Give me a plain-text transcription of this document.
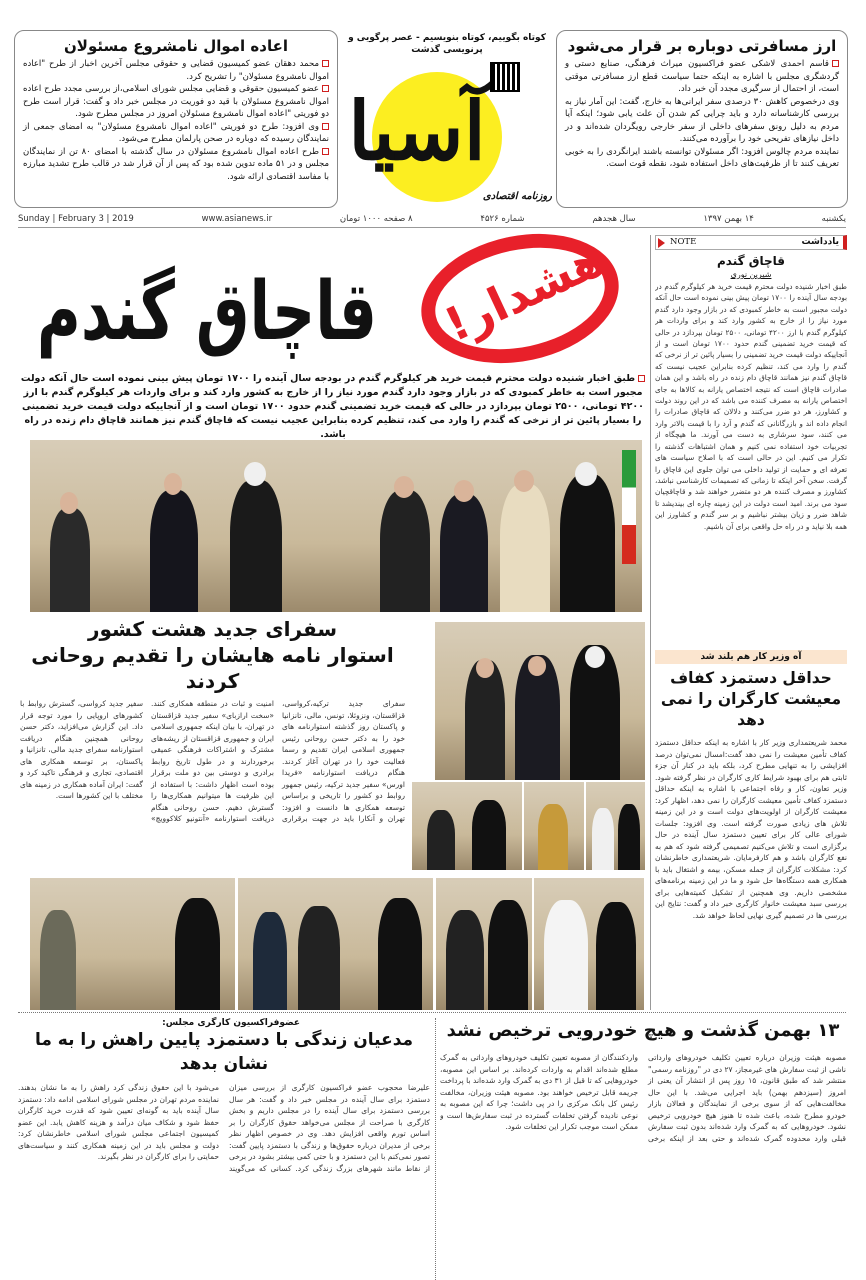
اعاده اموال نامشروع مسئولان

محمد دهقان عضو کمیسیون قضایی و حقوقی مجلس آخرین اخبار از طرح "اعاده اموال نامشروع مسئولان" را تشریح کرد.

عضو کمیسیون حقوقی و قضایی مجلس شورای اسلامی،از بررسی مجدد طرح اعاده اموال نامشروع مسئولان با قید دو فوریت در مجلس خبر داد و گفت: قرار است طرح دو فوریتی "اعاده اموال نامشروع مسئولان امروز در مجلس مطرح شود.

وی افزود: طرح دو فوریتی "اعاده اموال نامشروع مسئولان" به امضای جمعی از نمایندگان رسیده که دوباره در صحن پارلمان مطرح می‌شود.

طرح اعاده اموال نامشروع مسئولان در سال گذشته با امضای ۸۰ تن از نمایندگان مجلس و در ۵۱ ماده تدوین شده بود که پس از آن قرار شد در قالب طرح تشدید مبارزه با مفاسد اقتصادی ارائه شود.

کوتاه بگوییم، کوتاه بنویسیم - عصر پرگویی و پرنویسی گذشت
آسیا
روزنامه اقتصادی
ارز مسافرتی دوباره بر قرار می‌شود

قاسم احمدی لاشکی عضو فراکسیون میراث فرهنگی، صنایع دستی و گردشگری مجلس با اشاره به اینکه حتما سیاست قطع ارز مسافرتی موقتی است، از احتمال از سرگیری مجدد آن خبر داد.

وی درخصوص کاهش ۳۰ درصدی سفر ایرانی‌ها به خارج، گفت: این آمار نیاز به بررسی کارشناسانه دارد و باید چرایی کم شدن آن علت یابی شود؛ اینکه آیا مردم به دلیل رونق سفرهای داخلی از سفر خارجی رویگردان شده‌اند و در داخل نیازهای تفریحی خود را برآورده می‌کنند.

نماینده مردم چالوس افزود: اگر مسئولان توانسته باشند ایرانگردی را به خوبی تعریف کنند تا از ظرفیت‌های داخل استفاده شود، نقطه قوت است.

Sunday | February 3 | 2019	www.asianews.ir	۸ صفحه ۱۰۰۰ تومان	شماره ۴۵۲۶	سال هجدهم	۱۴ بهمن ۱۳۹۷	یکشنبه
هشدار!
قاچاق گندم

طبق اخبار شنیده دولت محترم قیمت خرید هر کیلوگرم گندم در بودجه سال آینده را ۱۷۰۰ تومان پیش بینی نموده است حال آنکه دولت مجبور است به خاطر کمبودی که در بازار وجود دارد گندم مورد نیاز را از خارج به کشور وارد کند و برای واردات هر کیلوگرم گندم با ارز ۴۲۰۰ تومانی، ۲۵۰۰ تومان بپردازد در حالی که قیمت خرید تضمینی گندم حدود ۱۷۰۰ تومان است و از آنجاییکه دولت قیمت خرید تضمینی را بسیار پائین تر از نرخی که گندم را وارد می کند، تنظیم کرده بنابراین عجیب نیست که قاچاق گندم نیز همانند قاچاق دام زنده در راه باشد.

یادداشت
NOTE
قاچاق گندم
شیرین نوری

طبق اخبار شنیده دولت محترم قیمت خرید هر کیلوگرم گندم در بودجه سال آینده را ۱۷۰۰ تومان پیش بینی نموده است حال آنکه دولت مجبور است به خاطر کمبودی که در بازار وجود دارد گندم مورد نیاز را از خارج به کشور وارد کند و برای واردات هر کیلوگرم گندم با ارز ۴۲۰۰ تومانی، ۲۵۰۰ تومان بپردازد در حالی که قیمت خرید تضمینی گندم حدود ۱۷۰۰ تومان است و از آنجاییکه دولت قیمت خرید تضمینی را بسیار پائین تر از نرخی که گندم را وارد می کند، تنظیم کرده بنابراین عجیب نیست که قاچاق گندم نیز همانند قاچاق دام زنده در راه باشد و این همان صادرات قاچاق است که نتیجه اختصاص یارانه به کالاها به جای اختصاص یارانه به مصرف کننده می باشد که در این روند دولت و کشاورز، هر دو ضرر می‌کنند و دلالان که قاچاق صادرات را انجام داده اند و بازرگانانی که گندم و آرد را با قیمت بالاتر وارد می کنند، سود سرشاری به دست می آورند. ما هیچگاه از تجربیات خود استفاده نمی کنیم و همان اشتباهات گذشته را تکرار می کنیم. این در حالی است که با اصلاح سیاست های تعرفه ای و حمایت از تولید داخلی می توان جلوی این قاچاق را گرفت. سخن آخر اینکه تا زمانی که تصمیمات کارشناسی نباشد، کشاورز و مصرف کننده هر دو متضرر خواهند شد و قاچاقچیان سود می برند. امید است دولت در این زمینه چاره ای بیندیشد تا شاهد ضرر و زیان بیشتر نباشیم و بر سر گندم و کشاورز این همه بلا نیاید و در راه حل واقعی برای آن باشیم.

سفرای جدید هشت کشور
استوار نامه هایشان را تقدیم روحانی کردند

سفرای جدید ترکیه،کرواسی، قزاقستان، ونزوئلا، تونس، مالی، تانزانیا و پاکستان روز گذشته استوارنامه های خود را به دکتر حسن روحانی رئیس جمهوری اسلامی ایران تقدیم و رسما فعالیت خود را در تهران آغاز کردند. هنگام دریافت استوارنامه «فریدا اورس» سفیر جدید ترکیه، رئیس جمهور روابط دو کشور را تاریخی و براساس توسعه همکاری ها دانست و افزود: تهران و آنکارا باید در جهت برقراری امنیت و ثبات در منطقه همکاری کنند. «سخت ارازبای» سفیر جدید قزاقستان در تهران، با بیان اینکه جمهوری اسلامی ایران و جمهوری قزاقستان از ریشه‌های مشترک و اشتراکات فرهنگی عمیقی برخوردارند و در طول تاریخ روابط برادری و دوستی بین دو ملت برقرار بوده است اظهار داشت: با استفاده از این ظرفیت ها میتوانیم همکاری‌ها را گسترش دهیم. حسن روحانی هنگام دریافت استوارنامه «آنتونیو کلاکوویچ» سفیر جدید کرواسی، گسترش روابط با کشورهای اروپایی را مورد توجه قرار داد. این گزارش می‌افزاید، دکتر حسن روحانی همچنین هنگام دریافت استوارنامه سفرای جدید مالی، تانزانیا و پاکستان، بر توسعه همکاری های اقتصادی، تجاری و فرهنگی تاکید کرد و گفت: ایران آماده همکاری در زمینه های مختلف با این کشورها است.

آه وزیر کار هم بلند شد
حداقل دستمزد کفاف معیشت کارگران را نمی دهد

محمد شریعتمداری وزیر کار با اشاره به اینکه حداقل دستمزد کفاف تأمین معیشت را نمی دهد گفت:امسال نمی‌توان درصد افزایشی را به تنهایی مطرح کرد، بلکه باید در کنار آن جزء ثابتی هم برای بهبود شرایط کاری کارگران در نظر گرفته شود. وزیر تعاون، کار و رفاه اجتماعی با اشاره به اینکه حداقل دستمزد کفاف تأمین معیشت کارگران را نمی دهد، اظهار کرد: معیشت کارگران از اولویت‌های دولت است و در این زمینه تلاش های زیادی صورت گرفته است. وی افزود: جلسات شورای عالی کار برای تعیین دستمزد سال آینده در حال برگزاری است و تلاش می‌کنیم تصمیمی گرفته شود که هم به نفع کارگران باشد و هم کارفرمایان. شریعتمداری خاطرنشان کرد: مشکلات کارگران از جمله مسکن، بیمه و اشتغال باید با همکاری همه دستگاه‌ها حل شود و ما در این زمینه برنامه‌های مشخصی داریم. وی همچنین از تشکیل کمیته‌هایی برای بررسی سبد معیشت خانوار کارگری خبر داد و گفت: نتایج این بررسی ها در تصمیم گیری نهایی لحاظ خواهد شد.

۱۳ بهمن گذشت و هیچ خودرویی ترخیص نشد

مصوبه هیئت وزیران درباره تعیین تکلیف خودروهای وارداتی ناشی از ثبت سفارش های غیرمجاز، ۲۷ دی در "روزنامه رسمی" منتشر شد که طبق قانون، ۱۵ روز پس از انتشار آن یعنی از امروز (سیزدهم بهمن) باید اجرایی می‌شد. با این حال مخالفت‌هایی که از سوی برخی از نمایندگان و فعالان بازار خودرو مطرح شده، باعث شده تا هنوز هیچ خودرویی ترخیص نشود. خودروهایی که به گمرک وارد شده‌اند بدون ثبت سفارش قبلی وارد محدوده گمرک شده‌اند و حتی بعد از اینکه برخی واردکنندگان از مصوبه تعیین تکلیف خودروهای وارداتی به گمرک مطلع شده‌اند اقدام به واردات کرده‌اند. بر اساس این مصوبه، خودروهایی که تا قبل از ۳۱ دی به گمرک وارد شده‌اند با پرداخت جریمه قابل ترخیص خواهند بود. مصوبه هیئت وزیران، مخالفت رئیس کل بانک مرکزی را در پی داشت؛ چرا که این مصوبه به نوعی نادیده گرفتن تخلفات گسترده در ثبت سفارش‌ها است و ممکن است موجب تکرار این تخلفات شود.

عضوفراکسیون کارگری مجلس:
مدعیان زندگی با دستمزد پایین راهش را به ما نشان بدهد

علیرضا محجوب عضو فراکسیون کارگری از بررسی میزان دستمزد برای سال آینده در مجلس خبر داد و گفت: هر سال بررسی دستمزد برای سال آینده را در مجلس داریم و بخش کارگری با صراحت از مجلس می‌خواهد حقوق کارگران را بر اساس تورم واقعی افزایش دهد. وی در خصوص اظهار نظر برخی از مدیران درباره حقوق‌ها و زندگی با دستمزد پایین گفت: تصور نمی‌کنم با این دستمزد و با حتی کمی بیشتر بشود در برخی از نقاط مانند شهرهای بزرگ زندگی کرد. کسانی که می‌گویند می‌شود با این حقوق زندگی کرد راهش را به ما نشان بدهند. نماینده مردم تهران در مجلس شورای اسلامی ادامه داد: دستمزد سال آینده باید به گونه‌ای تعیین شود که قدرت خرید کارگران حفظ شود و شکاف میان درآمد و هزینه کاهش یابد. این عضو کمیسیون اجتماعی مجلس شورای اسلامی خاطرنشان کرد: دولت و مجلس باید در این زمینه همکاری کنند و سیاست‌های حمایتی را برای کارگران در نظر بگیرند.
